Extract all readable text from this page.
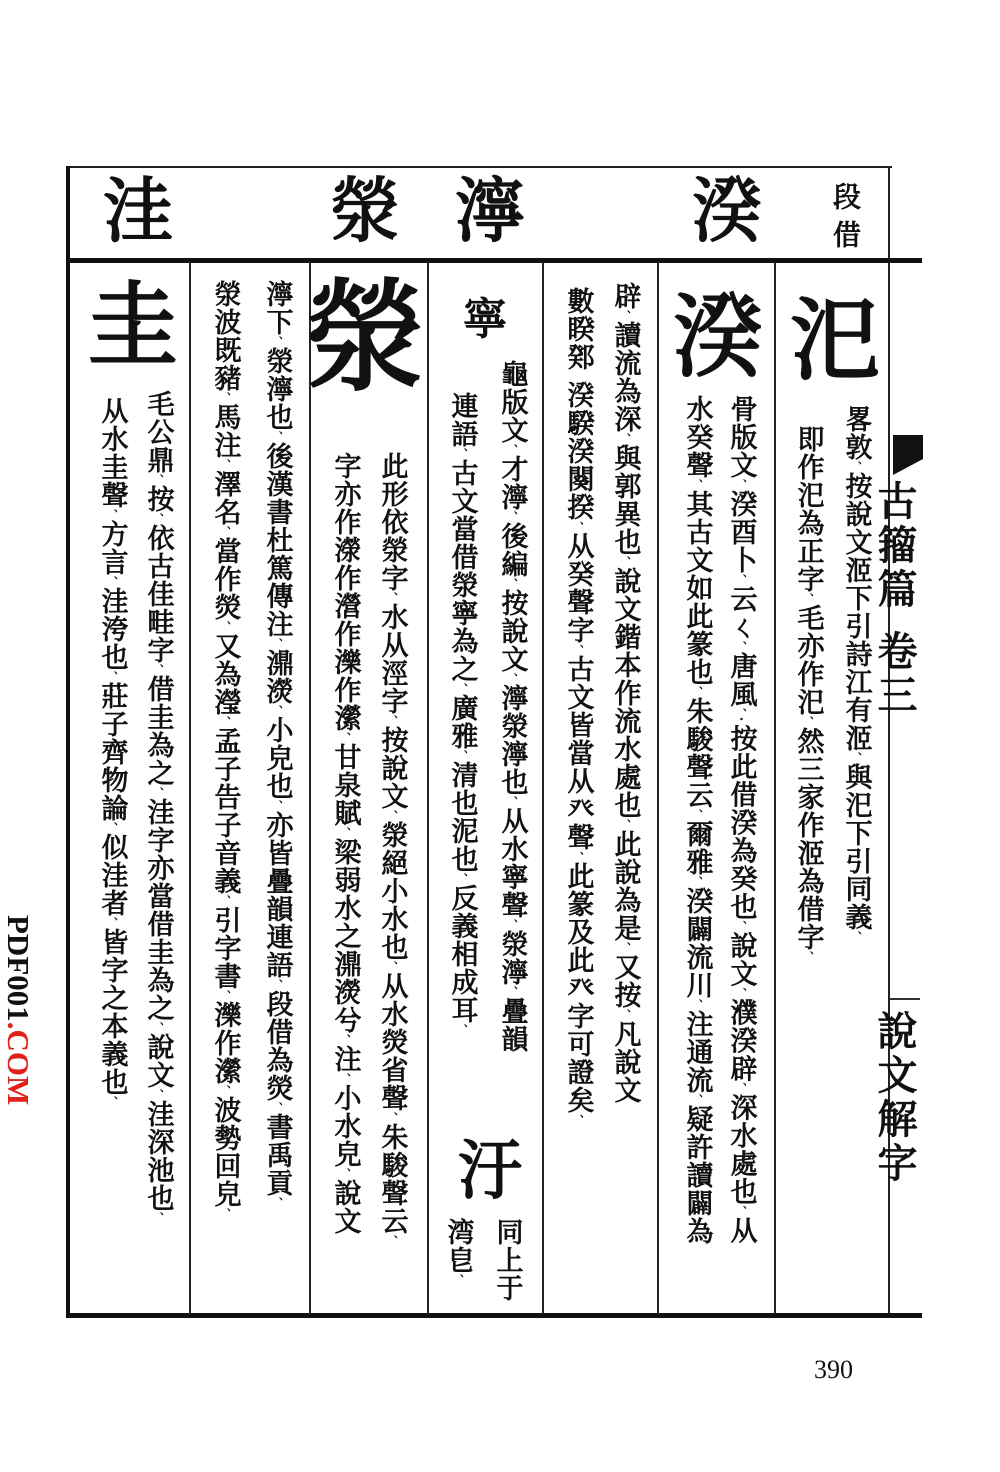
洼 滎 濘 湀 段借
汜
畧敦、按說文洍下引詩江有洍、與汜下引同義、
即作汜為正字、毛亦作汜、然三家作洍為借字、
湀
骨版文、湀酉卜、云ㄑ、唐風、・按此借湀為癸也、說文、濮湀辟、深水處也、从
水癸聲、其古文如此篆也、朱駿聲云、爾雅、湀闢流川、注通流、疑許讀闢為
辟、讀流為深、與郭異也、說文鍇本作流水處也、此說為是、又按、凡說文
數睽鄈 湀騤湀闋揆、从癸聲字、古文皆當从癶聲、此篆及此癶字可證矣、
寧
龜版文、才濘、後編、按說文、濘滎濘也、从水寧聲、滎濘、疊韻
連語、古文當借滎寧為之、廣雅、清也泥也、反義相成耳、
汙
同上于
湾皀、
滎
此形依滎字、水从涇字、按說文、滎絕小水也、从水熒省聲、朱駿聲云、
字亦作濴作瀯作濼作瀠、甘泉賦、梁弱水之濎濙兮、注、小水皃、說文
濘下、滎濘也、後漢書杜篤傳注、濎濙、小皃也、亦皆疊韻連語、段借為熒、書禹貢、
滎波既豬、馬注、澤名、當作熒、又為瀅、孟子告子音義、引字書、濼作瀠、波勢回皃、
圭
毛公鼎、按、依古佳畦字、借圭為之、洼字亦當借圭為之、說文、洼深池也、
从水圭聲、方言、洼洿也、莊子齊物論、似洼者、皆字之本義也、
古籀篇 卷三
說文解字
390
PDF001.COM
